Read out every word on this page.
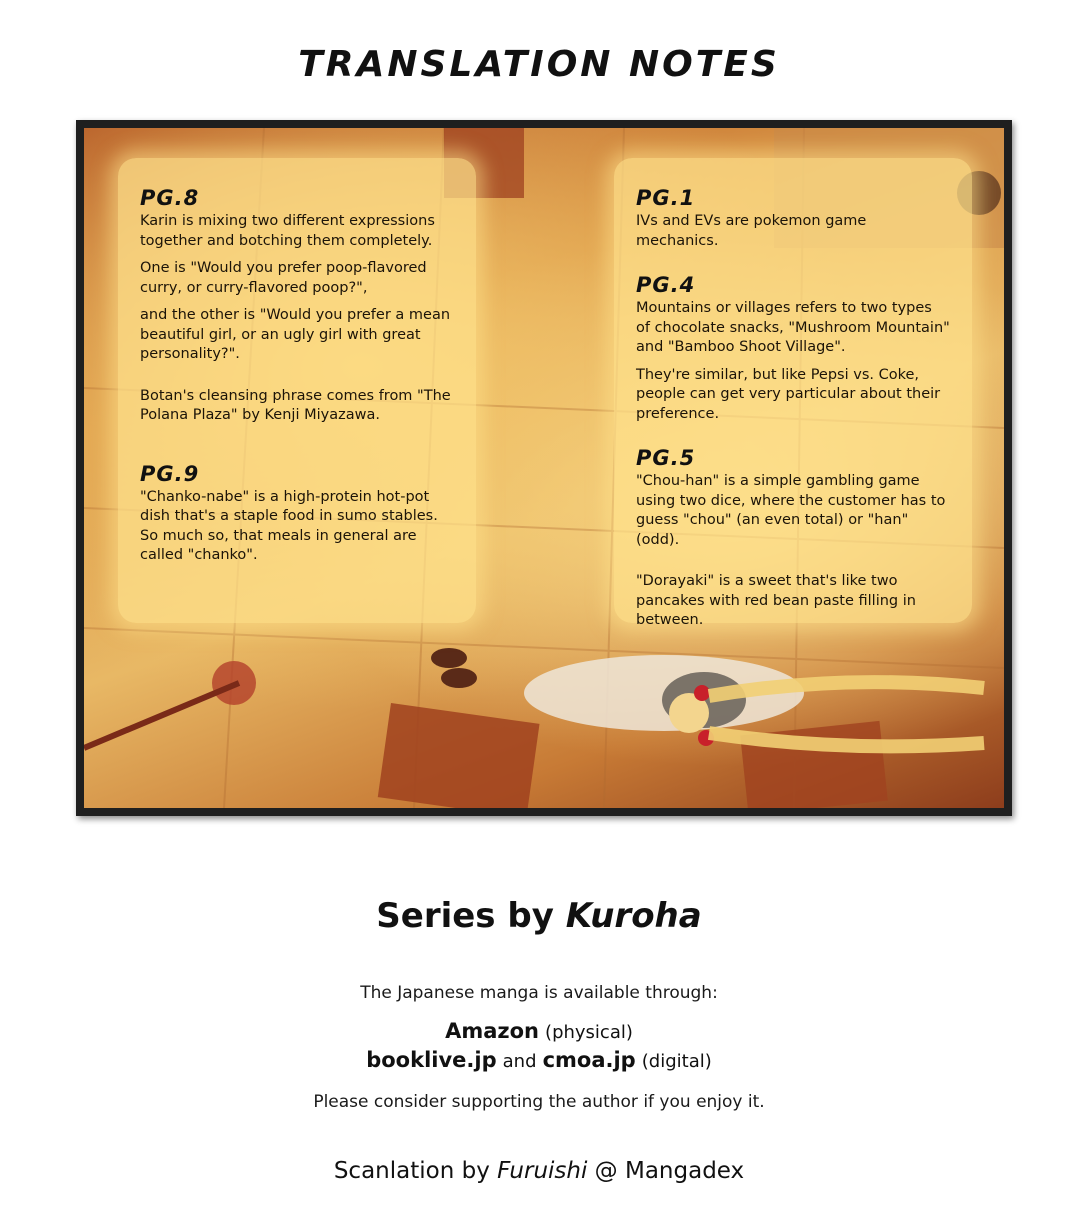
TRANSLATION NOTES
PG.8

Karin is mixing two different expressions together and botching them completely.

One is "Would you prefer poop-flavored curry, or curry-flavored poop?",

and the other is "Would you prefer a mean beautiful girl, or an ugly girl with great personality?".

Botan's cleansing phrase comes from "The Polana Plaza" by Kenji Miyazawa.

PG.9

"Chanko-nabe" is a high-protein hot-pot dish that's a staple food in sumo stables. So much so, that meals in general are called "chanko".

PG.1

IVs and EVs are pokemon game mechanics.

PG.4

Mountains or villages refers to two types of chocolate snacks, "Mushroom Mountain" and "Bamboo Shoot Village".

They're similar, but like Pepsi vs. Coke, people can get very particular about their preference.

PG.5

"Chou-han" is a simple gambling game using two dice, where the customer has to guess "chou" (an even total) or "han" (odd).

"Dorayaki" is a sweet that's like two pancakes with red bean paste filling in between.

Series by Kuroha
The Japanese manga is available through:
Amazon (physical)
booklive.jp and cmoa.jp (digital)
Please consider supporting the author if you enjoy it.
Scanlation by Furuishi @ Mangadex
